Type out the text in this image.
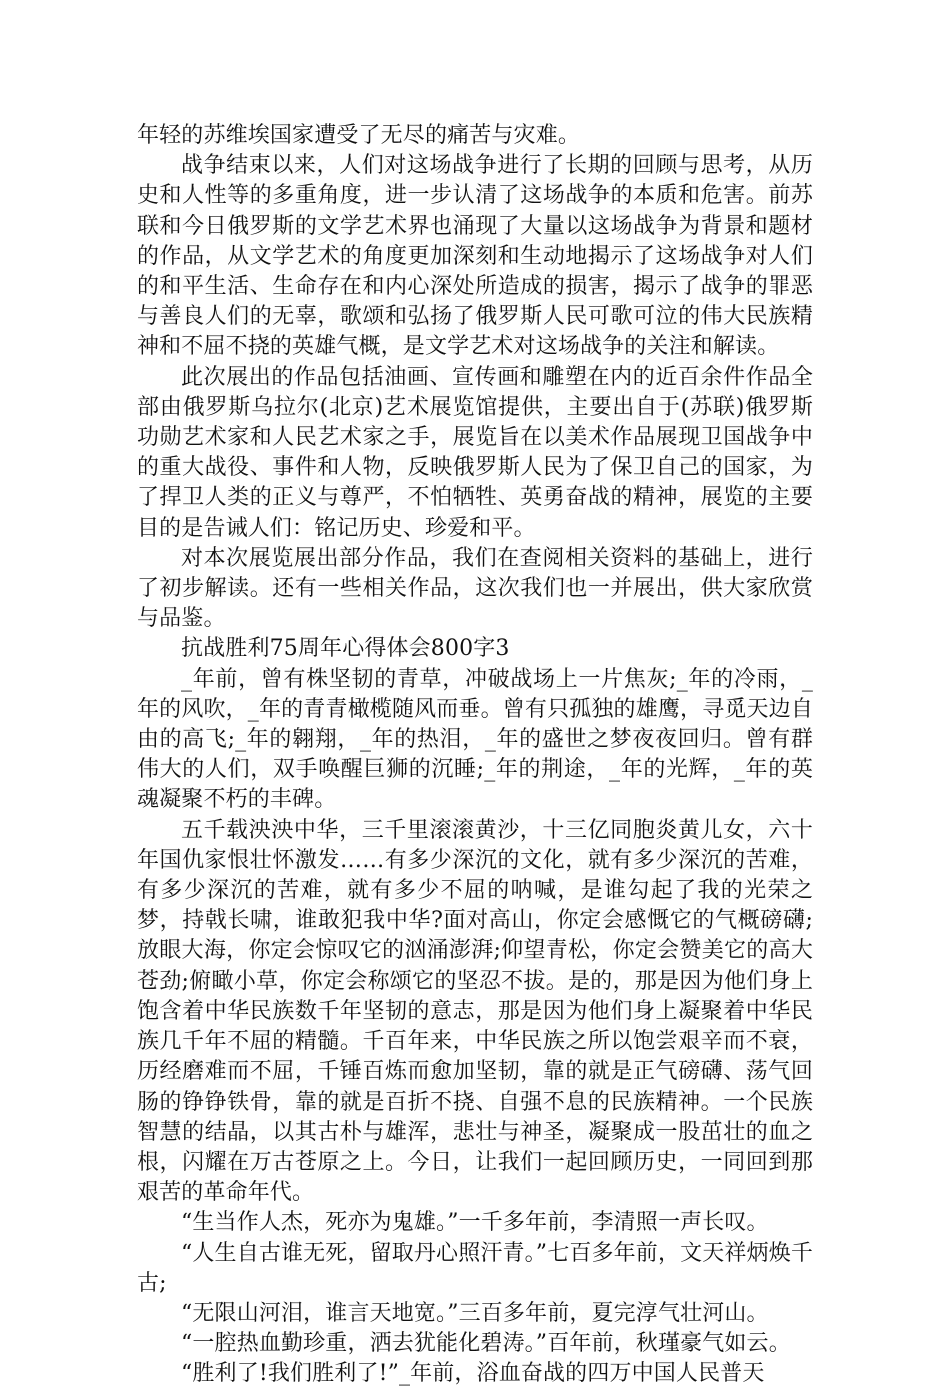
年轻的苏维埃国家遭受了无尽的痛苦与灾难。

战争结束以来，人们对这场战争进行了长期的回顾与思考，从历史和人性等的多重角度，进一步认清了这场战争的本质和危害。前苏联和今日俄罗斯的文学艺术界也涌现了大量以这场战争为背景和题材的作品，从文学艺术的角度更加深刻和生动地揭示了这场战争对人们的和平生活、生命存在和内心深处所造成的损害，揭示了战争的罪恶与善良人们的无辜，歌颂和弘扬了俄罗斯人民可歌可泣的伟大民族精神和不屈不挠的英雄气概，是文学艺术对这场战争的关注和解读。

此次展出的作品包括油画、宣传画和雕塑在内的近百余件作品全部由俄罗斯乌拉尔(北京)艺术展览馆提供，主要出自于(苏联)俄罗斯功勋艺术家和人民艺术家之手，展览旨在以美术作品展现卫国战争中的重大战役、事件和人物，反映俄罗斯人民为了保卫自己的国家，为了捍卫人类的正义与尊严，不怕牺牲、英勇奋战的精神，展览的主要目的是告诫人们：铭记历史、珍爱和平。

对本次展览展出部分作品，我们在查阅相关资料的基础上，进行了初步解读。还有一些相关作品，这次我们也一并展出，供大家欣赏与品鉴。

抗战胜利75周年心得体会800字3

_年前，曾有株坚韧的青草，冲破战场上一片焦灰;_年的冷雨，_年的风吹，_年的青青橄榄随风而垂。曾有只孤独的雄鹰，寻觅天边自由的高飞;_年的翱翔，_年的热泪，_年的盛世之梦夜夜回归。曾有群伟大的人们，双手唤醒巨狮的沉睡;_年的荆途，_年的光辉，_年的英魂凝聚不朽的丰碑。

五千载泱泱中华，三千里滚滚黄沙，十三亿同胞炎黄儿女，六十年国仇家恨壮怀激发……有多少深沉的文化，就有多少深沉的苦难，有多少深沉的苦难，就有多少不屈的呐喊，是谁勾起了我的光荣之梦，持戟长啸，谁敢犯我中华?面对高山，你定会感慨它的气概磅礴;放眼大海，你定会惊叹它的汹涌澎湃;仰望青松，你定会赞美它的高大苍劲;俯瞰小草，你定会称颂它的坚忍不拔。是的，那是因为他们身上饱含着中华民族数千年坚韧的意志，那是因为他们身上凝聚着中华民族几千年不屈的精髓。千百年来，中华民族之所以饱尝艰辛而不衰，历经磨难而不屈，千锤百炼而愈加坚韧，靠的就是正气磅礴、荡气回肠的铮铮铁骨，靠的就是百折不挠、自强不息的民族精神。一个民族智慧的结晶，以其古朴与雄浑，悲壮与神圣，凝聚成一股茁壮的血之根，闪耀在万古苍原之上。今日，让我们一起回顾历史，一同回到那艰苦的革命年代。

“生当作人杰，死亦为鬼雄。”一千多年前，李清照一声长叹。

“人生自古谁无死，留取丹心照汗青。”七百多年前，文天祥炳焕千古;

“无限山河泪，谁言天地宽。”三百多年前，夏完淳气壮河山。

“一腔热血勤珍重，洒去犹能化碧涛。”百年前，秋瑾豪气如云。

“胜利了!我们胜利了!”_年前，浴血奋战的四万中国人民普天
